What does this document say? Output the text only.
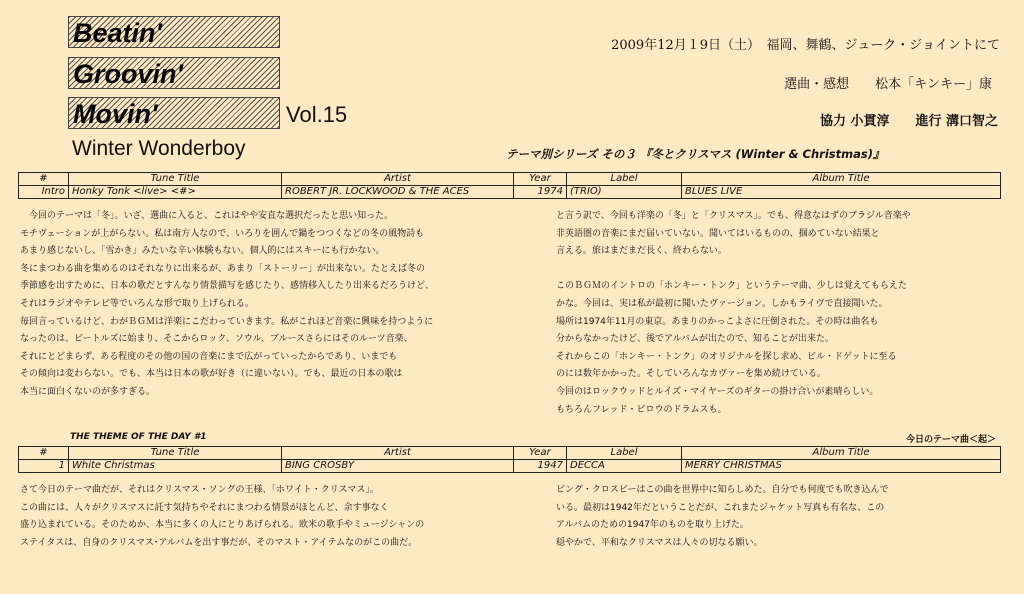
Beatin'
Groovin'
Movin'	Vol.15
Winter Wonderboy
2009年12月１9日（土）　福岡、舞鶴、ジューク・ジョイントにて
選曲・感想　　松本「キンキー」康
協力 小貫淳　　進行 溝口智之
テーマ別シリーズ その３ 『冬とクリスマス (Winter & Christmas)』
#	Tune Title	Artist	Year	Label	Album Title
Intro	Honky Tonk <live> <#>	ROBERT JR. LOCKWOOD & THE ACES	1974	(TRIO)	BLUES LIVE
　今回のテーマは「冬」。いざ、選曲に入ると、これはやや安直な選択だったと思い知った。
モチヴェーションが上がらない。私は南方人なので、いろりを囲んで鍋をつつくなどの冬の風物詩も
あまり感じないし、「雪かき」みたいな辛い体験もない。個人的にはスキーにも行かない。
冬にまつわる曲を集めるのはそれなりに出来るが、あまり「ストーリー」が出来ない。たとえば冬の
季節感を出すために、日本の歌だとすんなり情景描写を感じたり、感情移入したり出来るだろうけど、
それはラジオやテレビ等でいろんな形で取り上げられる。
毎回言っているけど、わがＢＧＭは洋楽にこだわっていきます。私がこれほど音楽に興味を持つように
なったのは、ビートルズに始まり、そこからロック、ソウル、ブルースさらにはそのルーツ音楽、
それにとどまらず、ある程度のその他の国の音楽にまで広がっていったからであり、いまでも
その傾向は変わらない。でも、本当は日本の歌が好き（に違いない）。でも、最近の日本の歌は
本当に面白くないのが多すぎる。
と言う訳で、今回も洋楽の「冬」と「クリスマス」。でも、得意なはずのブラジル音楽や
非英語圏の音楽にまだ届いていない。聞いてはいるものの、掴めていない結果と
言える。旅はまだまだ長く、終わらない。
このＢＧＭのイントロの「ホンキー・トンク」というテーマ曲、少しは覚えてもらえた
かな。今回は、実は私が最初に聞いたヴァージョン。しかもライヴで直接聞いた。
場所は1974年11月の東京。あまりのかっこよさに圧倒された。その時は曲名も
分からなかったけど、後でアルバムが出たので、知ることが出来た。
それからこの「ホンキー・トンク」のオリジナルを探し求め、ビル・ドゲットに至る
のには数年かかった。そしていろんなカヴァーを集め続けている。
今回のはロックウッドとルイズ・マイヤーズのギターの掛け合いが素晴らしい。
もちろんフレッド・ビロウのドラムスも。
THE THEME OF THE DAY #1	今日のテーマ曲＜起＞
#	Tune Title	Artist	Year	Label	Album Title
1	White Christmas	BING CROSBY	1947	DECCA	MERRY CHRISTMAS
さて今日のテーマ曲だが、それはクリスマス・ソングの王様、「ホワイト・クリスマス」。
この曲には、人々がクリスマスに託す気持ちやそれにまつわる情景がほとんど、余す事なく
盛り込まれている。そのためか、本当に多くの人にとりあげられる。欧米の歌手やミュージシャンの
ステイタスは、自身のクリスマス･アルバムを出す事だが、そのマスト・アイテムなのがこの曲だ。
ビング・クロスビーはこの曲を世界中に知らしめた。自分でも何度でも吹き込んで
いる。最初は1942年だということだが、これまたジャケット写真も有名な、この
アルバムのための1947年のものを取り上げた。
穏やかで、平和なクリスマスは人々の切なる願い。
